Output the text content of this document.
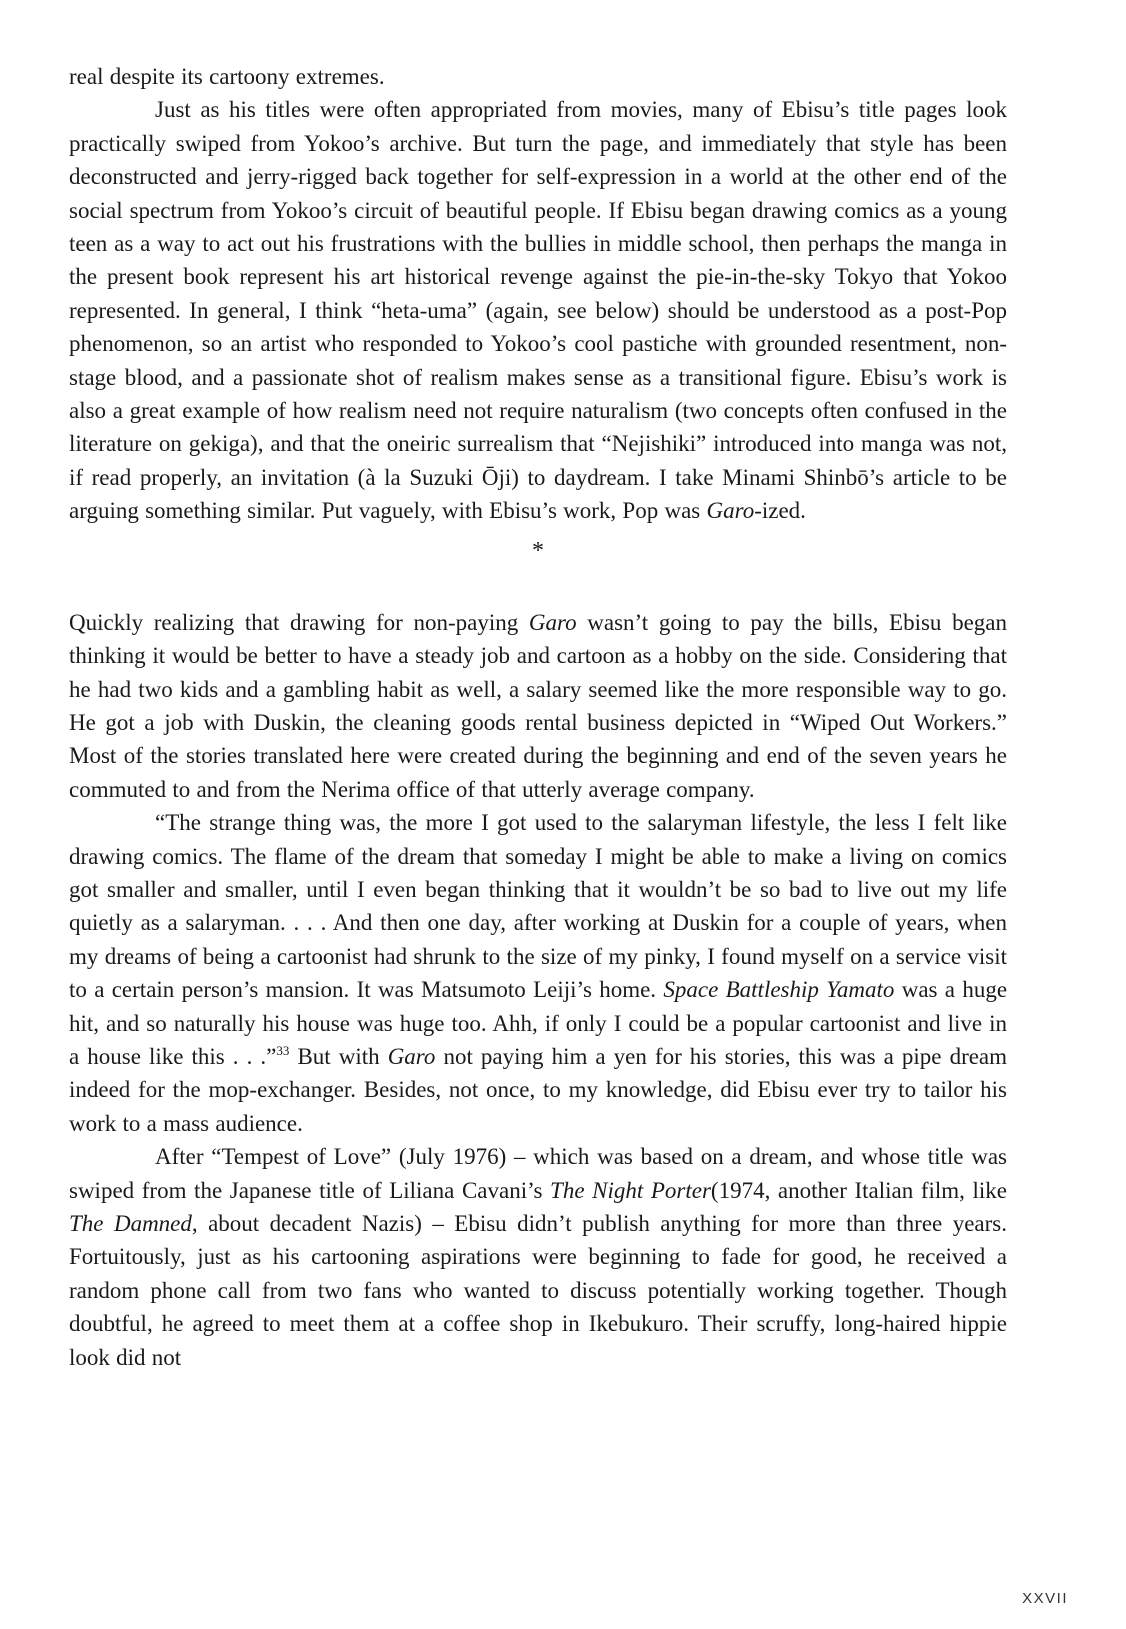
real despite its cartoony extremes.

Just as his titles were often appropriated from movies, many of Ebisu’s title pages look practically swiped from Yokoo’s archive. But turn the page, and immediately that style has been deconstructed and jerry-rigged back together for self-expression in a world at the other end of the social spectrum from Yokoo’s circuit of beautiful people. If Ebisu began drawing comics as a young teen as a way to act out his frustrations with the bullies in middle school, then perhaps the manga in the present book represent his art historical revenge against the pie-in-the-sky Tokyo that Yokoo represented. In general, I think “heta-uma” (again, see below) should be understood as a post-Pop phenomenon, so an artist who responded to Yokoo’s cool pastiche with grounded resentment, non-stage blood, and a passionate shot of realism makes sense as a transitional figure. Ebisu’s work is also a great example of how realism need not require naturalism (two concepts often confused in the literature on gekiga), and that the oneiric surrealism that “Nejishiki” introduced into manga was not, if read properly, an invitation (à la Suzuki Ōji) to daydream. I take Minami Shinbō’s article to be arguing something similar. Put vaguely, with Ebisu’s work, Pop was Garo-ized.

*

Quickly realizing that drawing for non-paying Garo wasn’t going to pay the bills, Ebisu began thinking it would be better to have a steady job and cartoon as a hobby on the side. Considering that he had two kids and a gambling habit as well, a salary seemed like the more responsible way to go. He got a job with Duskin, the cleaning goods rental business depicted in “Wiped Out Workers.” Most of the stories translated here were created during the beginning and end of the seven years he commuted to and from the Nerima office of that utterly average company.

“The strange thing was, the more I got used to the salaryman lifestyle, the less I felt like drawing comics. The flame of the dream that someday I might be able to make a living on comics got smaller and smaller, until I even began thinking that it wouldn’t be so bad to live out my life quietly as a salaryman. . . . And then one day, after working at Duskin for a couple of years, when my dreams of being a cartoonist had shrunk to the size of my pinky, I found myself on a service visit to a certain person’s mansion. It was Matsumoto Leiji’s home. Space Battleship Yamato was a huge hit, and so naturally his house was huge too. Ahh, if only I could be a popular cartoonist and live in a house like this . . .”$^{33}$ But with Garo not paying him a yen for his stories, this was a pipe dream indeed for the mop-exchanger. Besides, not once, to my knowledge, did Ebisu ever try to tailor his work to a mass audience.

After “Tempest of Love” (July 1976) – which was based on a dream, and whose title was swiped from the Japanese title of Liliana Cavani’s The Night Porter(1974, another Italian film, like The Damned, about decadent Nazis) – Ebisu didn’t publish anything for more than three years. Fortuitously, just as his cartooning aspirations were beginning to fade for good, he received a random phone call from two fans who wanted to discuss potentially working together. Though doubtful, he agreed to meet them at a coffee shop in Ikebukuro. Their scruffy, long-haired hippie look did not

XXVII
